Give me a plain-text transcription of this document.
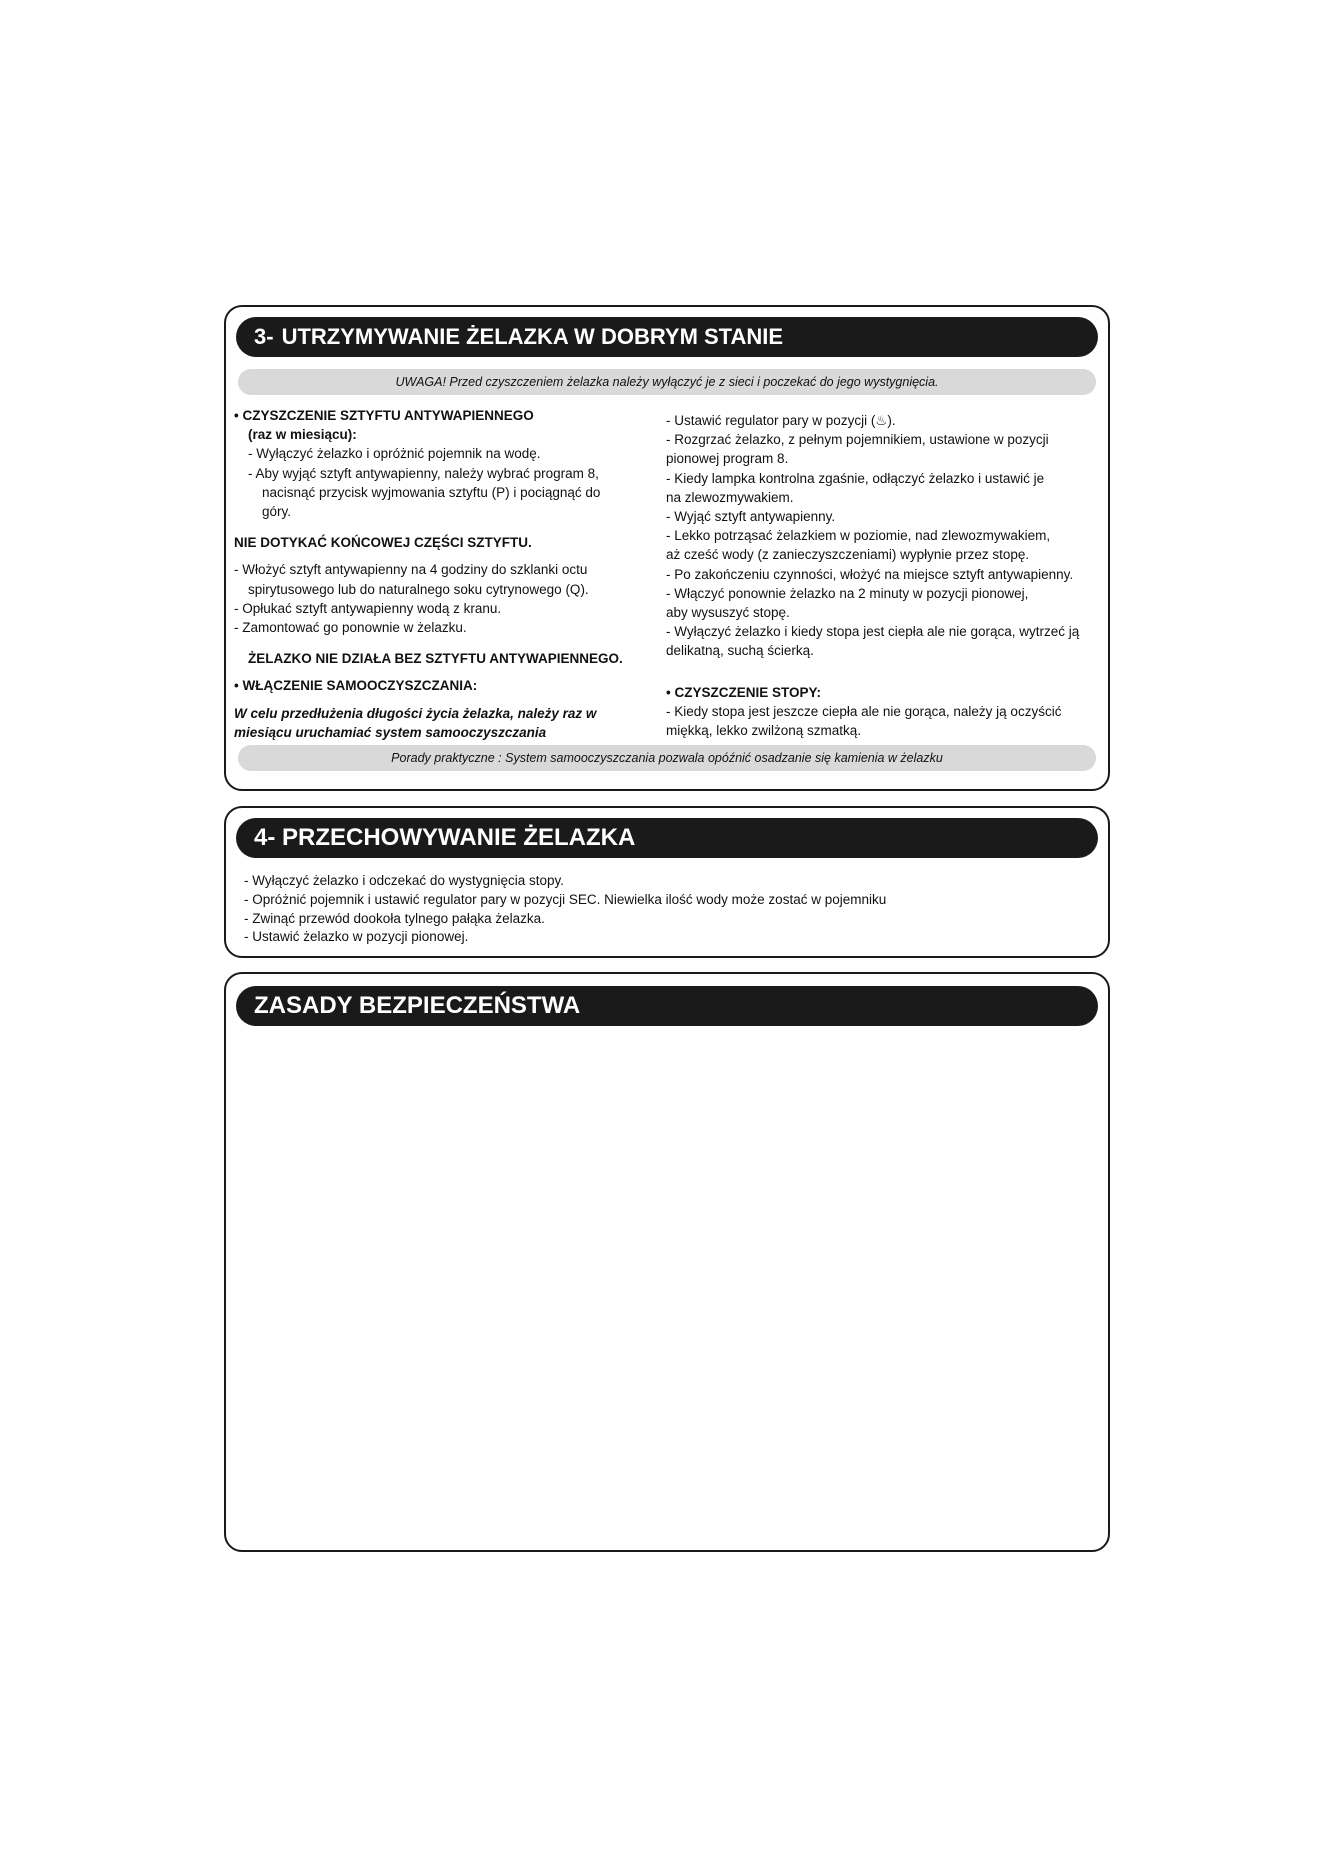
3- UTRZYMYWANIE ŻELAZKA W DOBRYM STANIE
UWAGA! Przed czyszczeniem żelazka należy wyłączyć je z sieci i poczekać do jego wystygnięcia.

• CZYSZCZENIE SZTYFTU ANTYWAPIENNEGO

(raz w miesiącu):

- Wyłączyć żelazko i opróżnić pojemnik na wodę.

- Aby wyjąć sztyft antywapienny, należy wybrać program 8,

nacisnąć przycisk wyjmowania sztyftu (P) i pociągnąć do

góry.

NIE DOTYKAĆ KOŃCOWEJ CZĘŚCI SZTYFTU.

- Włożyć sztyft antywapienny na 4 godziny do szklanki octu

spirytusowego lub do naturalnego soku cytrynowego (Q).

- Opłukać sztyft antywapienny wodą z kranu.

- Zamontować go ponownie w żelazku.

ŻELAZKO NIE DZIAŁA BEZ SZTYFTU ANTYWAPIENNEGO.

• WŁĄCZENIE SAMOOCZYSZCZANIA:

W celu przedłużenia długości życia żelazka, należy raz w

miesiącu uruchamiać system samooczyszczania

- Ustawić regulator pary w pozycji (♨).

- Rozgrzać żelazko, z pełnym pojemnikiem, ustawione w pozycji

pionowej program 8.

- Kiedy lampka kontrolna zgaśnie, odłączyć żelazko i ustawić je

na zlewozmywakiem.

- Wyjąć sztyft antywapienny.

- Lekko potrząsać żelazkiem w poziomie, nad zlewozmywakiem,

aż cześć wody (z zanieczyszczeniami) wypłynie przez stopę.

- Po zakończeniu czynności, włożyć na miejsce sztyft antywapienny.

- Włączyć ponownie żelazko na 2 minuty w pozycji pionowej,

aby wysuszyć stopę.

- Wyłączyć żelazko i kiedy stopa jest ciepła ale nie gorąca, wytrzeć ją

delikatną, suchą ścierką.

• CZYSZCZENIE STOPY:

- Kiedy stopa jest jeszcze ciepła ale nie gorąca, należy ją oczyścić

miękką, lekko zwilżoną szmatką.

Porady praktyczne : System samooczyszczania pozwala opóźnić osadzanie się kamienia w żelazku
4- PRZECHOWYWANIE ŻELAZKA

- Wyłączyć żelazko i odczekać do wystygnięcia stopy.

- Opróżnić pojemnik i ustawić regulator pary w pozycji SEC. Niewielka ilość wody może zostać w pojemniku

- Zwinąć przewód dookoła tylnego pałąka żelazka.

- Ustawić żelazko w pozycji pionowej.

ZASADY BEZPIECZEŃSTWA
